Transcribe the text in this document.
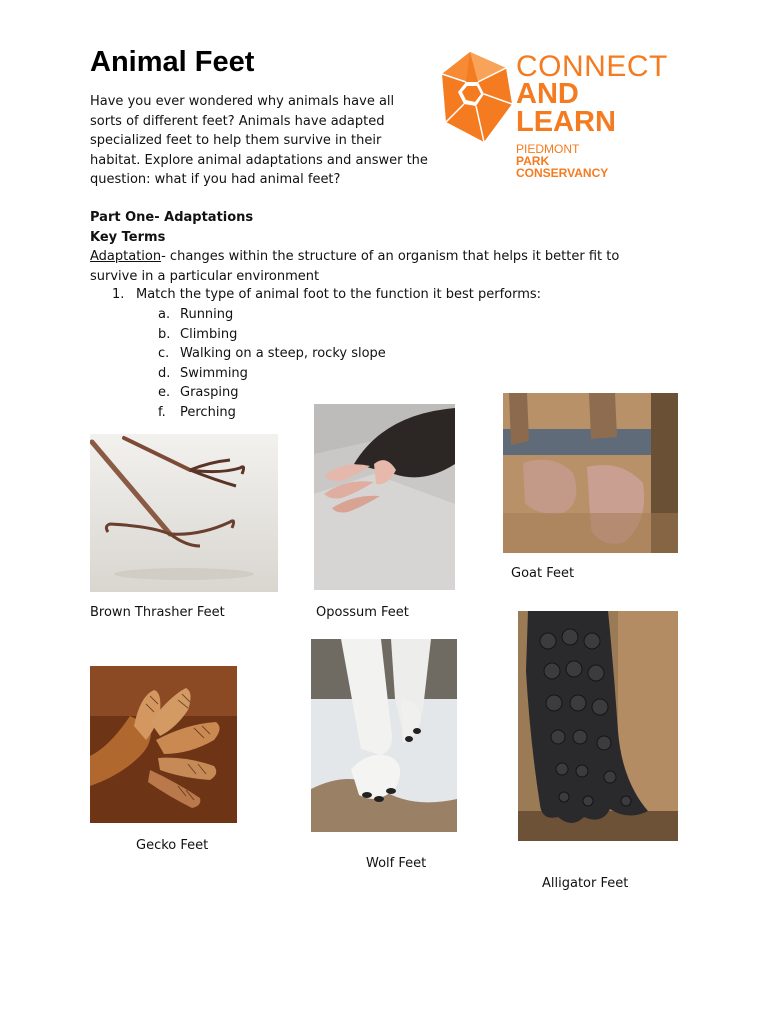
Animal Feet

Have you ever wondered why animals have all sorts of different feet? Animals have adapted specialized feet to help them survive in their habitat. Explore animal adaptations and answer the question: what if you had animal feet?

CONNECT
AND
LEARN
PIEDMONT
PARK
CONSERVANCY

Part One- Adaptations

Key Terms

Adaptation- changes within the structure of an organism that helps it better fit to survive in a particular environment

1. Match the type of animal foot to the function it best performs:
a. Running
b. Climbing
c. Walking on a steep, rocky slope
d. Swimming
e. Grasping
f. Perching
Brown Thrasher Feet	Opossum Feet
Goat Feet
Gecko Feet
Wolf Feet
Alligator Feet
